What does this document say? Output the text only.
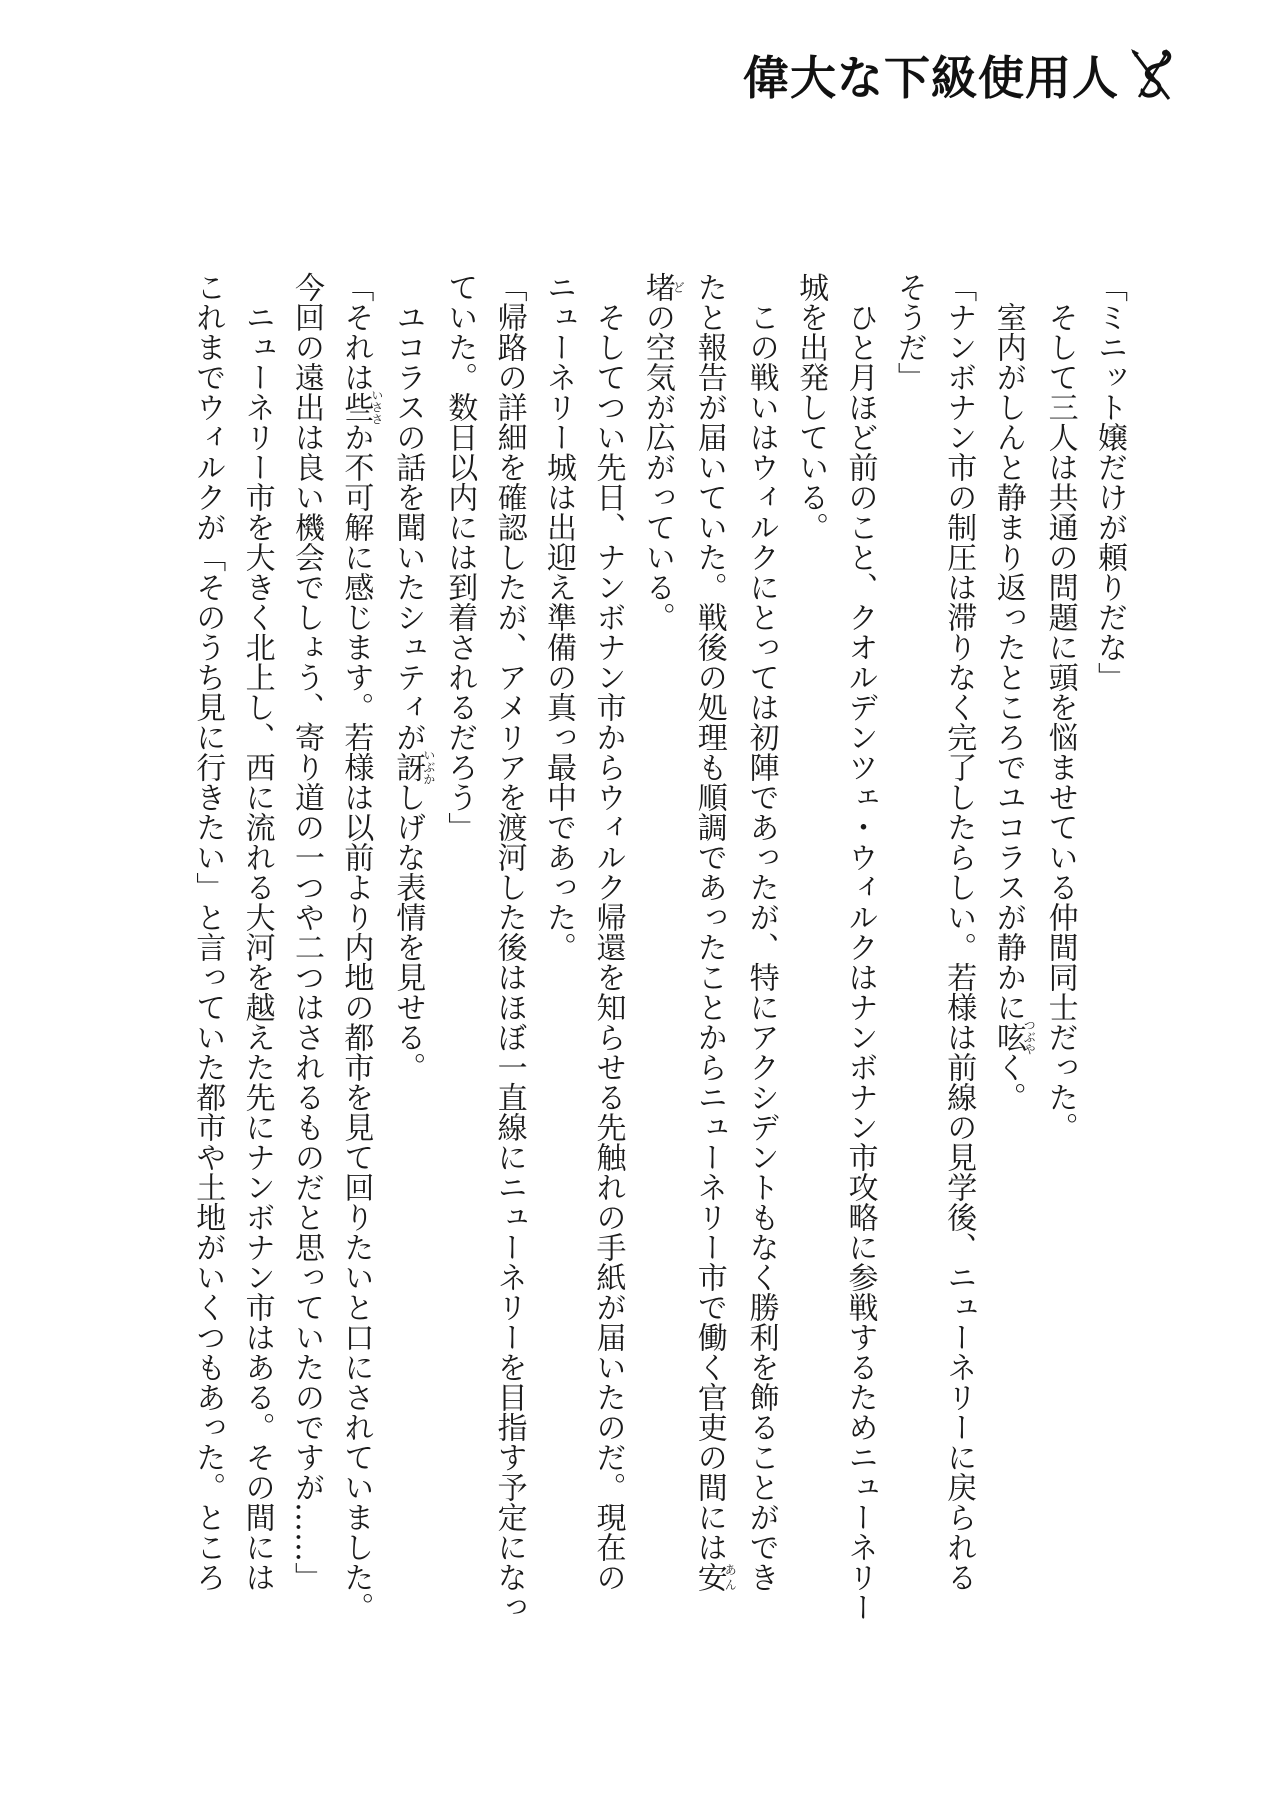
偉大な下級使用人
「ミニット嬢だけが頼りだな」
　そして三人は共通の問題に頭を悩ませている仲間同士だった。
　室内がしんと静まり返ったところでユコラスが静かに呟つぶやく。
「ナンボナン市の制圧は滞りなく完了したらしい。若様は前線の見学後、ニューネリーに戻られる
そうだ」
　ひと月ほど前のこと、クオルデンツェ・ウィルクはナンボナン市攻略に参戦するためニューネリー
城を出発している。
　この戦いはウィルクにとっては初陣であったが、特にアクシデントもなく勝利を飾ることができ
たと報告が届いていた。戦後の処理も順調であったことからニューネリー市で働く官吏の間には安あん
堵どの空気が広がっている。
　そしてつい先日、ナンボナン市からウィルク帰還を知らせる先触れの手紙が届いたのだ。現在の
ニューネリー城は出迎え準備の真っ最中であった。
「帰路の詳細を確認したが、アメリアを渡河した後はほぼ一直線にニューネリーを目指す予定になっ
ていた。数日以内には到着されるだろう」
　ユコラスの話を聞いたシュティが訝いぶかしげな表情を見せる。
「それは些いささか不可解に感じます。若様は以前より内地の都市を見て回りたいと口にされていました。
今回の遠出は良い機会でしょう、寄り道の一つや二つはされるものだと思っていたのですが……」
　ニューネリー市を大きく北上し、西に流れる大河を越えた先にナンボナン市はある。その間には
これまでウィルクが「そのうち見に行きたい」と言っていた都市や土地がいくつもあった。ところ
